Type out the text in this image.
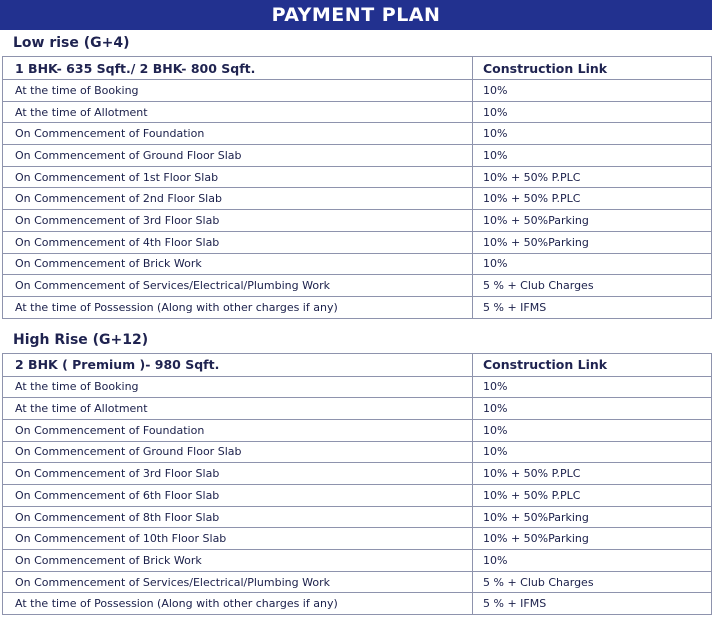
PAYMENT PLAN
Low rise (G+4)
1 BHK- 635 Sqft./ 2 BHK- 800 Sqft.	Construction Link
At the time of Booking	10%
At the time of Allotment	10%
On Commencement of Foundation	10%
On Commencement of Ground Floor Slab	10%
On Commencement of 1st Floor Slab	10% + 50% P.PLC
On Commencement of 2nd Floor Slab	10% + 50% P.PLC
On Commencement of 3rd Floor Slab	10% + 50%Parking
On Commencement of 4th Floor Slab	10% + 50%Parking
On Commencement of Brick Work	10%
On Commencement of Services/Electrical/Plumbing Work	5 % + Club Charges
At the time of Possession (Along with other charges if any)	5 % + IFMS
High Rise (G+12)
2 BHK ( Premium )- 980 Sqft.	Construction Link
At the time of Booking	10%
At the time of Allotment	10%
On Commencement of Foundation	10%
On Commencement of Ground Floor Slab	10%
On Commencement of 3rd Floor Slab	10% + 50% P.PLC
On Commencement of 6th Floor Slab	10% + 50% P.PLC
On Commencement of 8th Floor Slab	10% + 50%Parking
On Commencement of 10th Floor Slab	10% + 50%Parking
On Commencement of Brick Work	10%
On Commencement of Services/Electrical/Plumbing Work	5 % + Club Charges
At the time of Possession (Along with other charges if any)	5 % + IFMS
